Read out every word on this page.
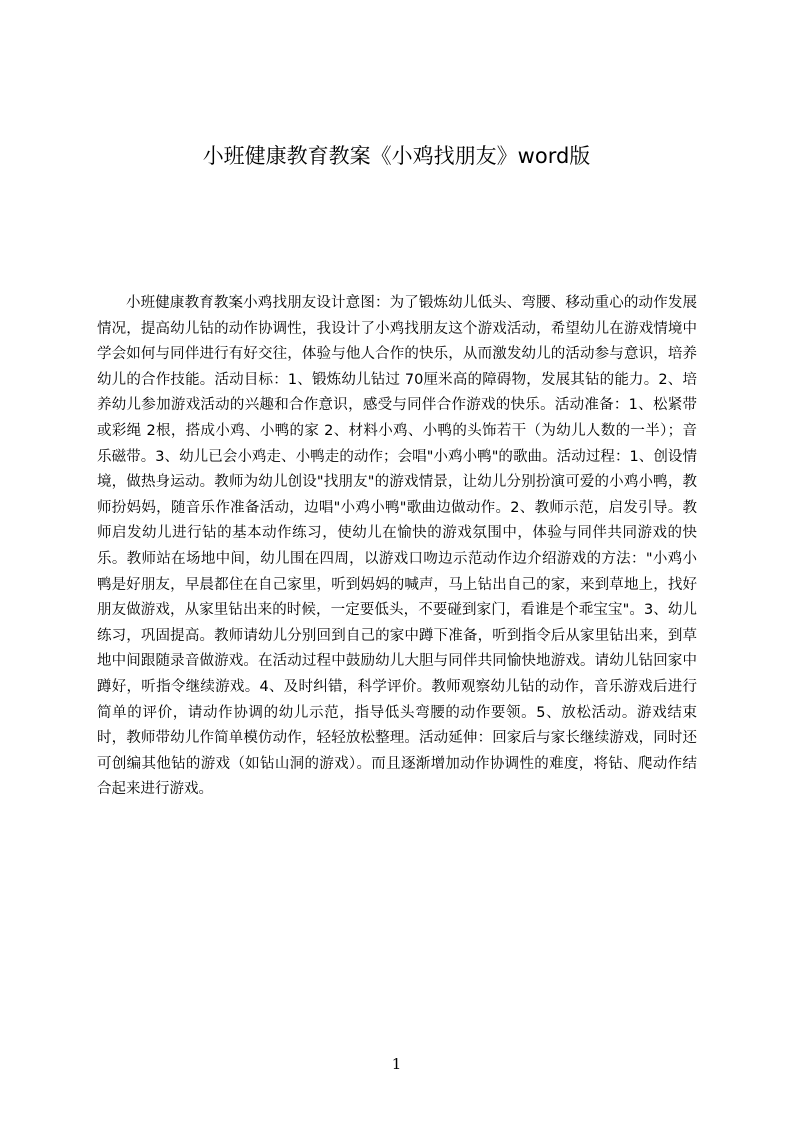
小班健康教育教案《小鸡找朋友》word版

小班健康教育教案小鸡找朋友设计意图：为了锻炼幼儿低头、弯腰、移动重心的动作发展情况，提高幼儿钻的动作协调性，我设计了小鸡找朋友这个游戏活动，希望幼儿在游戏情境中学会如何与同伴进行有好交往，体验与他人合作的快乐，从而激发幼儿的活动参与意识，培养幼儿的合作技能。活动目标：1、锻炼幼儿钻过 70厘米高的障碍物，发展其钻的能力。2、培养幼儿参加游戏活动的兴趣和合作意识，感受与同伴合作游戏的快乐。活动准备：1、松紧带或彩绳 2根，搭成小鸡、小鸭的家 2、材料小鸡、小鸭的头饰若干（为幼儿人数的一半）；音乐磁带。3、幼儿已会小鸡走、小鸭走的动作；会唱"小鸡小鸭"的歌曲。活动过程：1、创设情境，做热身运动。教师为幼儿创设"找朋友"的游戏情景，让幼儿分别扮演可爱的小鸡小鸭，教师扮妈妈，随音乐作准备活动，边唱"小鸡小鸭"歌曲边做动作。2、教师示范，启发引导。教师启发幼儿进行钻的基本动作练习，使幼儿在愉快的游戏氛围中，体验与同伴共同游戏的快乐。教师站在场地中间，幼儿围在四周，以游戏口吻边示范动作边介绍游戏的方法："小鸡小鸭是好朋友，早晨都住在自己家里，听到妈妈的喊声，马上钻出自己的家，来到草地上，找好朋友做游戏，从家里钻出来的时候，一定要低头，不要碰到家门，看谁是个乖宝宝"。3、幼儿练习，巩固提高。教师请幼儿分别回到自己的家中蹲下准备，听到指令后从家里钻出来，到草地中间跟随录音做游戏。在活动过程中鼓励幼儿大胆与同伴共同愉快地游戏。请幼儿钻回家中蹲好，听指令继续游戏。4、及时纠错，科学评价。教师观察幼儿钻的动作，音乐游戏后进行简单的评价，请动作协调的幼儿示范，指导低头弯腰的动作要领。5、放松活动。游戏结束时，教师带幼儿作简单模仿动作，轻轻放松整理。活动延伸：回家后与家长继续游戏，同时还可创编其他钻的游戏（如钻山洞的游戏）。而且逐渐增加动作协调性的难度，将钻、爬动作结合起来进行游戏。

1
